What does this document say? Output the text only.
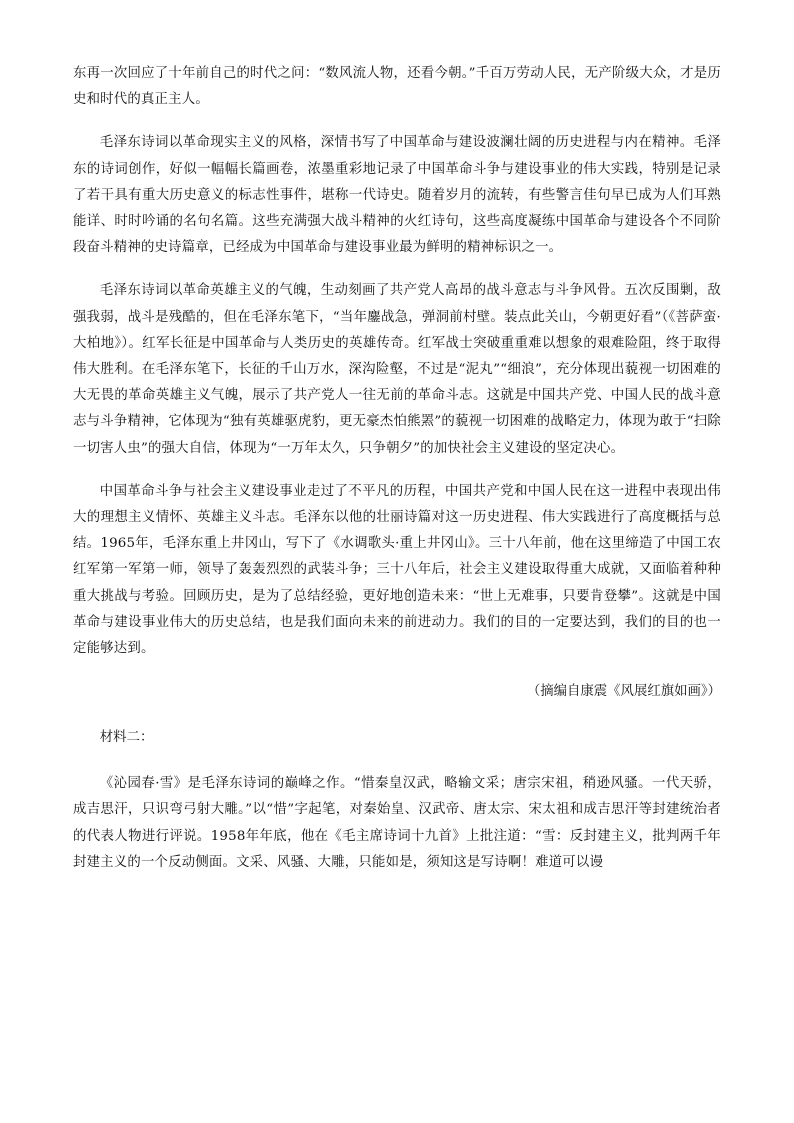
东再一次回应了十年前自己的时代之问：“数风流人物，还看今朝。”千百万劳动人民，无产阶级大众，才是历史和时代的真正主人。

毛泽东诗词以革命现实主义的风格，深情书写了中国革命与建设波澜壮阔的历史进程与内在精神。毛泽东的诗词创作，好似一幅幅长篇画卷，浓墨重彩地记录了中国革命斗争与建设事业的伟大实践，特别是记录了若干具有重大历史意义的标志性事件，堪称一代诗史。随着岁月的流转，有些警言佳句早已成为人们耳熟能详、时时吟诵的名句名篇。这些充满强大战斗精神的火红诗句，这些高度凝练中国革命与建设各个不同阶段奋斗精神的史诗篇章，已经成为中国革命与建设事业最为鲜明的精神标识之一。

毛泽东诗词以革命英雄主义的气魄，生动刻画了共产党人高昂的战斗意志与斗争风骨。五次反围剿，敌强我弱，战斗是残酷的，但在毛泽东笔下，“当年鏖战急，弹洞前村壁。装点此关山，今朝更好看”（《菩萨蛮·大柏地》）。红军长征是中国革命与人类历史的英雄传奇。红军战士突破重重难以想象的艰难险阻，终于取得伟大胜利。在毛泽东笔下，长征的千山万水，深沟险壑，不过是“泥丸”“细浪”，充分体现出藐视一切困难的大无畏的革命英雄主义气魄，展示了共产党人一往无前的革命斗志。这就是中国共产党、中国人民的战斗意志与斗争精神，它体现为“独有英雄驱虎豹，更无豪杰怕熊罴”的藐视一切困难的战略定力，体现为敢于“扫除一切害人虫”的强大自信，体现为“一万年太久，只争朝夕”的加快社会主义建设的坚定决心。

中国革命斗争与社会主义建设事业走过了不平凡的历程，中国共产党和中国人民在这一进程中表现出伟大的理想主义情怀、英雄主义斗志。毛泽东以他的壮丽诗篇对这一历史进程、伟大实践进行了高度概括与总结。1965年，毛泽东重上井冈山，写下了《水调歌头·重上井冈山》。三十八年前，他在这里缔造了中国工农红军第一军第一师，领导了轰轰烈烈的武装斗争；三十八年后，社会主义建设取得重大成就，又面临着种种重大挑战与考验。回顾历史，是为了总结经验，更好地创造未来：“世上无难事，只要肯登攀”。这就是中国革命与建设事业伟大的历史总结，也是我们面向未来的前进动力。我们的目的一定要达到，我们的目的也一定能够达到。

（摘编自康震《风展红旗如画》）

材料二：

《沁园春·雪》是毛泽东诗词的巅峰之作。“惜秦皇汉武，略输文采；唐宗宋祖，稍逊风骚。一代天骄，成吉思汗，只识弯弓射大雕。”以“惜”字起笔，对秦始皇、汉武帝、唐太宗、宋太祖和成吉思汗等封建统治者的代表人物进行评说。1958年年底，他在《毛主席诗词十九首》上批注道：“雪：反封建主义，批判两千年封建主义的一个反动侧面。文采、风骚、大雕，只能如是，须知这是写诗啊！难道可以谩
